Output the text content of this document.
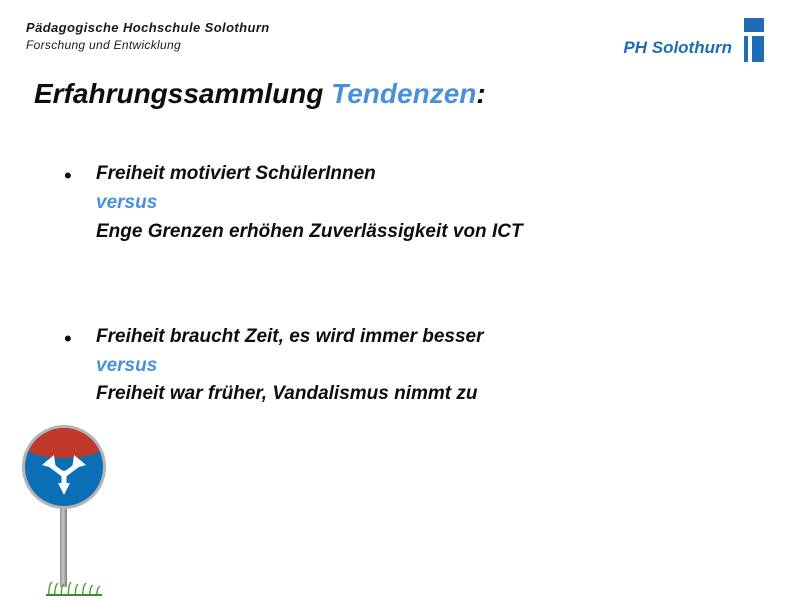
Pädagogische Hochschule Solothurn
Forschung und Entwicklung	PH Solothurn
Erfahrungssammlung Tendenzen:
• Freiheit motiviert SchülerInnen
versus
Enge Grenzen erhöhen Zuverlässigkeit von ICT
• Freiheit braucht Zeit, es wird immer besser
versus
Freiheit war früher, Vandalismus nimmt zu
